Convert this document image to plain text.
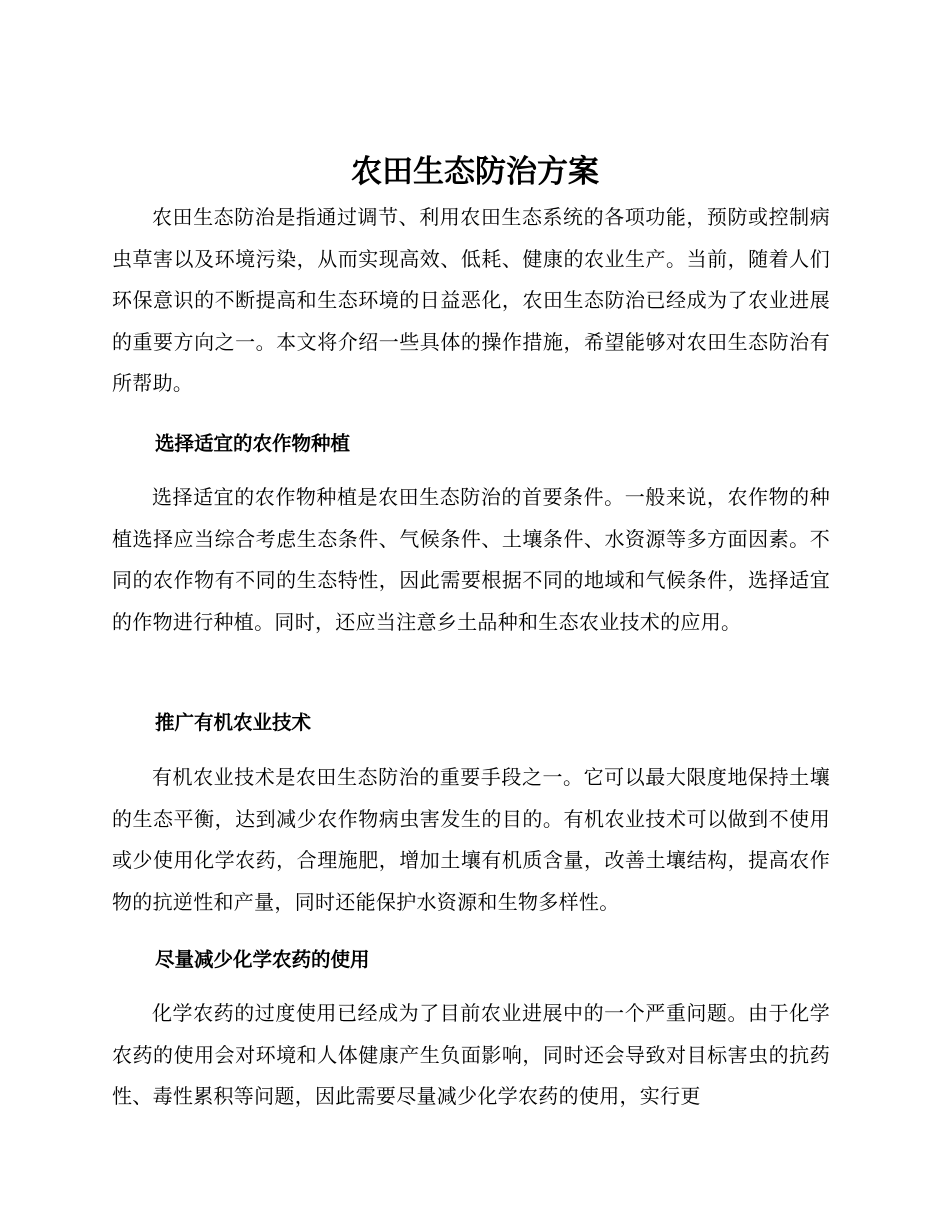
农田生态防治方案

农田生态防治是指通过调节、利用农田生态系统的各项功能，预防或控制病虫草害以及环境污染，从而实现高效、低耗、健康的农业生产。当前，随着人们环保意识的不断提高和生态环境的日益恶化，农田生态防治已经成为了农业进展的重要方向之一。本文将介绍一些具体的操作措施，希望能够对农田生态防治有所帮助。

选择适宜的农作物种植

选择适宜的农作物种植是农田生态防治的首要条件。一般来说，农作物的种植选择应当综合考虑生态条件、气候条件、土壤条件、水资源等多方面因素。不同的农作物有不同的生态特性，因此需要根据不同的地域和气候条件，选择适宜的作物进行种植。同时，还应当注意乡土品种和生态农业技术的应用。

推广有机农业技术

有机农业技术是农田生态防治的重要手段之一。它可以最大限度地保持土壤的生态平衡，达到减少农作物病虫害发生的目的。有机农业技术可以做到不使用或少使用化学农药，合理施肥，增加土壤有机质含量，改善土壤结构，提高农作物的抗逆性和产量，同时还能保护水资源和生物多样性。

尽量减少化学农药的使用

化学农药的过度使用已经成为了目前农业进展中的一个严重问题。由于化学农药的使用会对环境和人体健康产生负面影响，同时还会导致对目标害虫的抗药性、毒性累积等问题，因此需要尽量减少化学农药的使用，实行更
